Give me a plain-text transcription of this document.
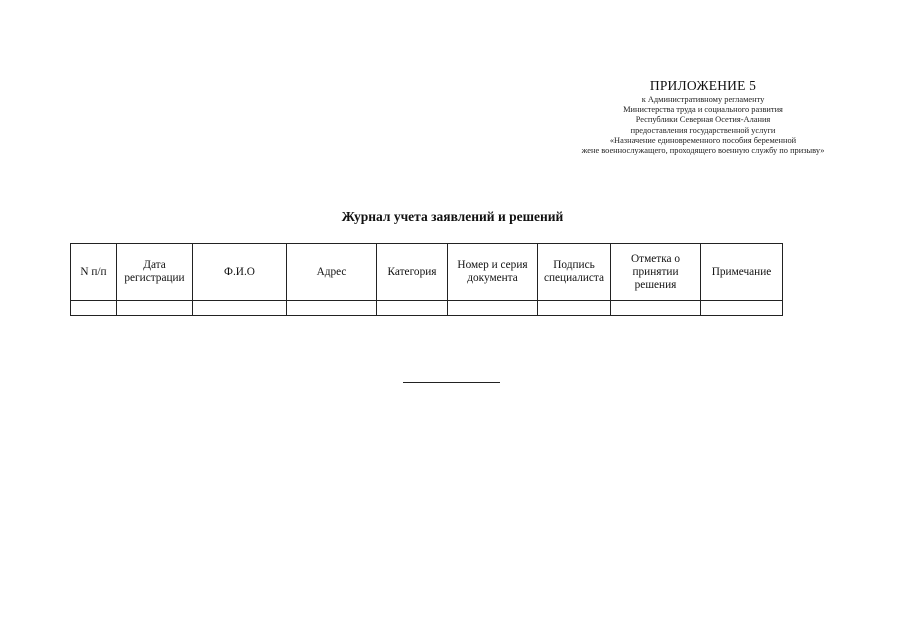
ПРИЛОЖЕНИЕ 5
к Административному регламенту
Министерства труда и социального развития
Республики Северная Осетия-Алания
предоставления государственной услуги
«Назначение единовременного пособия беременной
жене военнослужащего, проходящего военную службу по призыву»
Журнал учета заявлений и решений
N п/п	Дата регистрации	Ф.И.О	Адрес	Категория	Номер и серия документа	Подпись специалиста	Отметка о принятии решения	Примечание
